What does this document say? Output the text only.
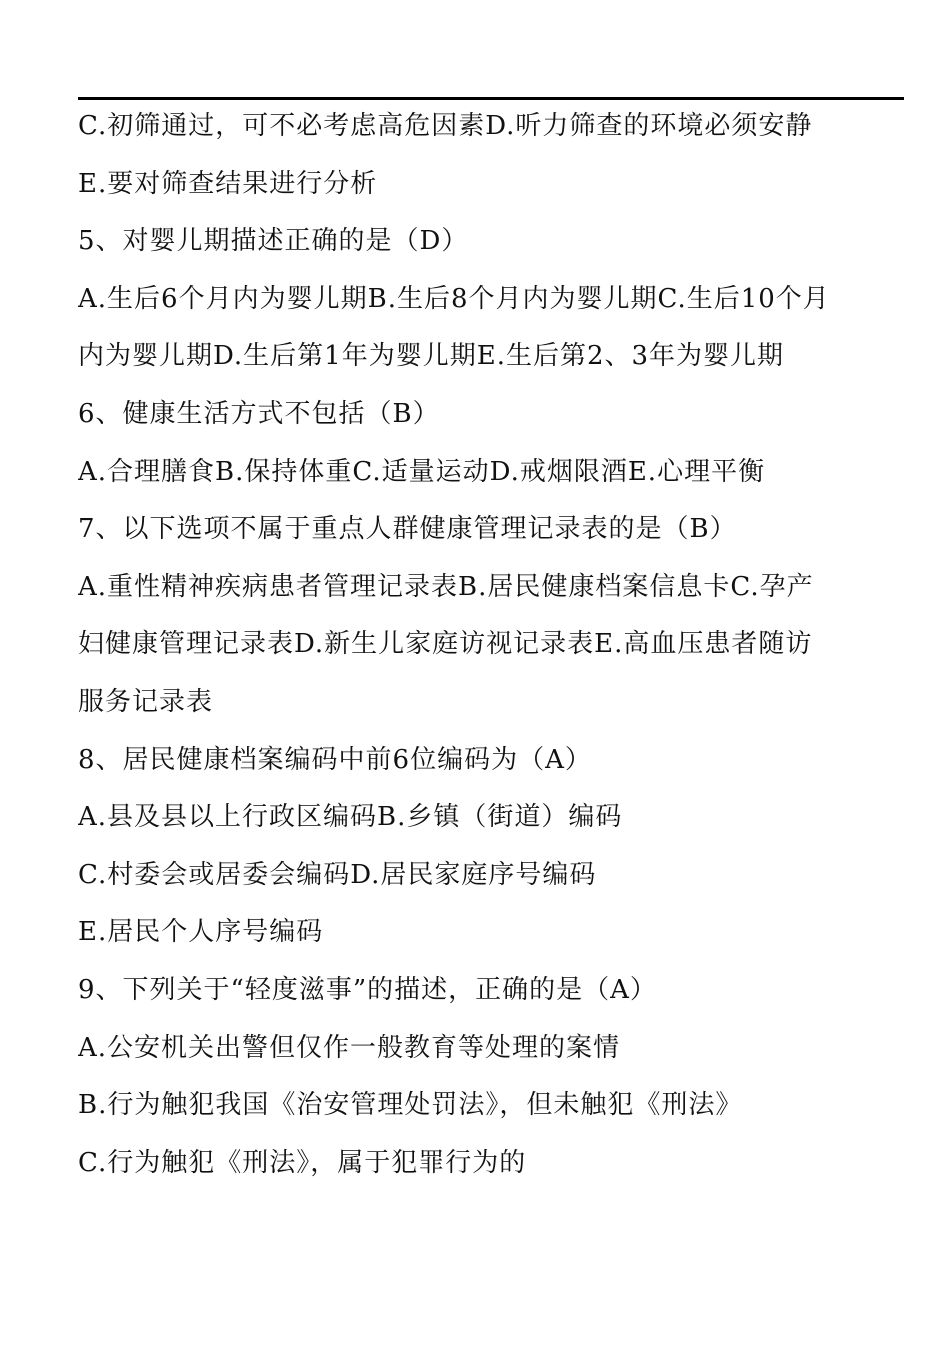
C.初筛通过，可不必考虑高危因素D.听力筛查的环境必须安静
E.要对筛查结果进行分析
5、对婴儿期描述正确的是（D）
A.生后6个月内为婴儿期B.生后8个月内为婴儿期C.生后10个月
内为婴儿期D.生后第1年为婴儿期E.生后第2、3年为婴儿期
6、健康生活方式不包括（B）
A.合理膳食B.保持体重C.适量运动D.戒烟限酒E.心理平衡
7、以下选项不属于重点人群健康管理记录表的是（B）
A.重性精神疾病患者管理记录表B.居民健康档案信息卡C.孕产
妇健康管理记录表D.新生儿家庭访视记录表E.高血压患者随访
服务记录表
8、居民健康档案编码中前6位编码为（A）
A.县及县以上行政区编码B.乡镇（街道）编码
C.村委会或居委会编码D.居民家庭序号编码
E.居民个人序号编码
9、下列关于“轻度滋事”的描述，正确的是（A）
A.公安机关出警但仅作一般教育等处理的案情
B.行为触犯我国《治安管理处罚法》，但未触犯《刑法》
C.行为触犯《刑法》，属于犯罪行为的
